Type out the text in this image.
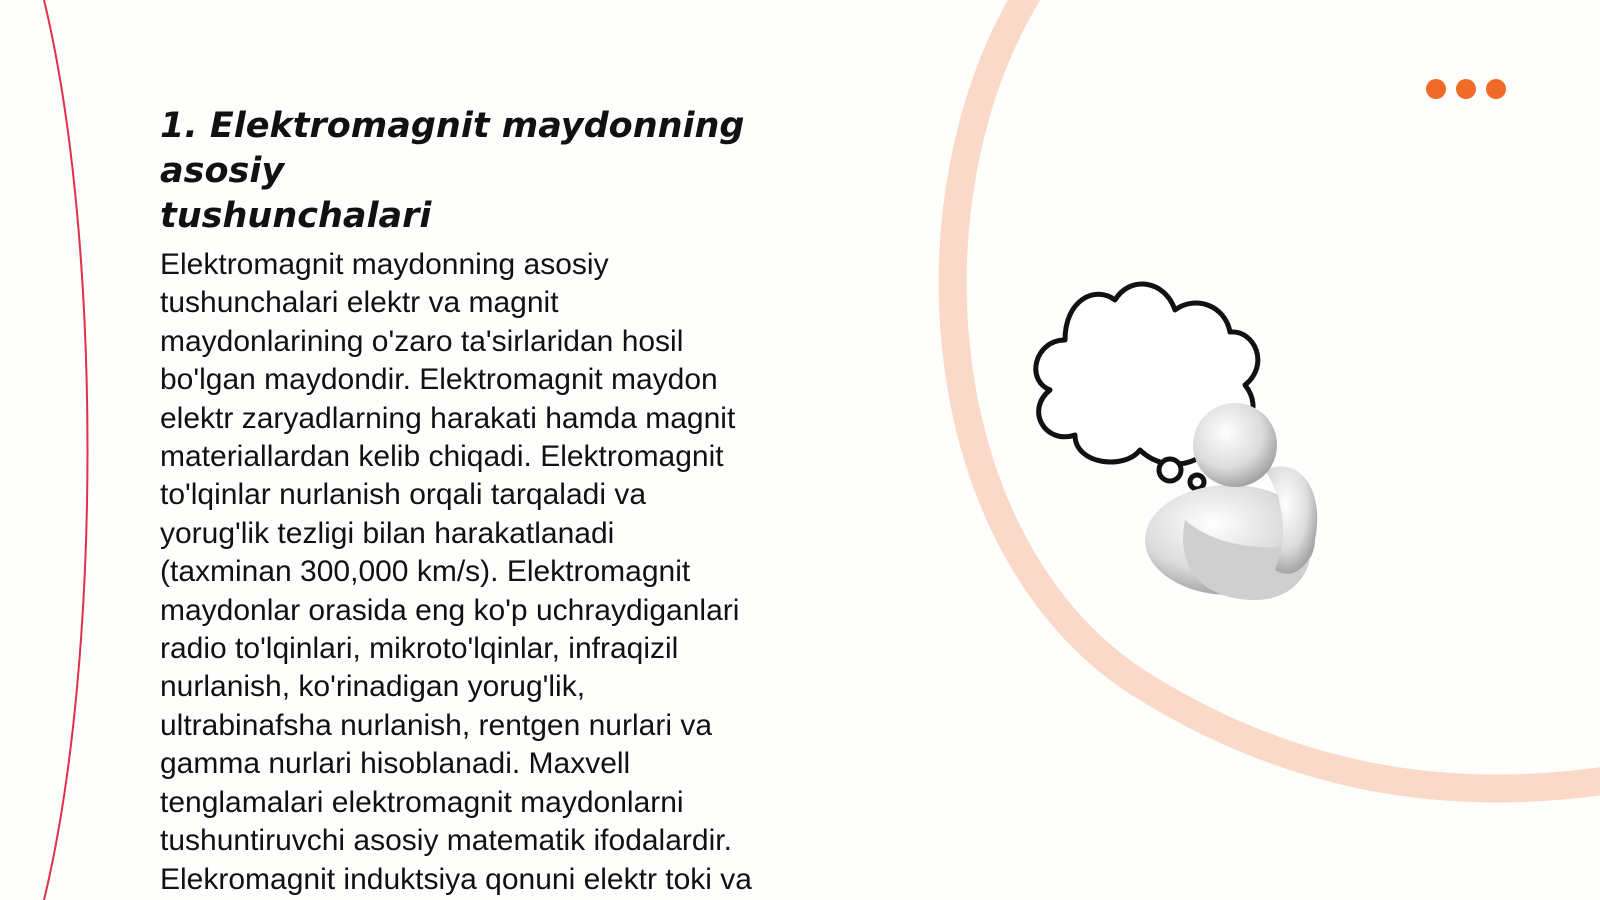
1. Elektromagnit maydonning asosiy
tushunchalari

Elektromagnit maydonning asosiy
tushunchalari elektr va magnit
maydonlarining o'zaro ta'sirlaridan hosil
bo'lgan maydondir. Elektromagnit maydon
elektr zaryadlarning harakati hamda magnit
materiallardan kelib chiqadi. Elektromagnit
to'lqinlar nurlanish orqali tarqaladi va
yorug'lik tezligi bilan harakatlanadi
(taxminan 300,000 km/s). Elektromagnit
maydonlar orasida eng ko'p uchraydiganlari
radio to'lqinlari, mikroto'lqinlar, infraqizil
nurlanish, ko'rinadigan yorug'lik,
ultrabinafsha nurlanish, rentgen nurlari va
gamma nurlari hisoblanadi. Maxvell
tenglamalari elektromagnit maydonlarni
tushuntiruvchi asosiy matematik ifodalardir.
Elekromagnit induktsiya qonuni elektr toki va
